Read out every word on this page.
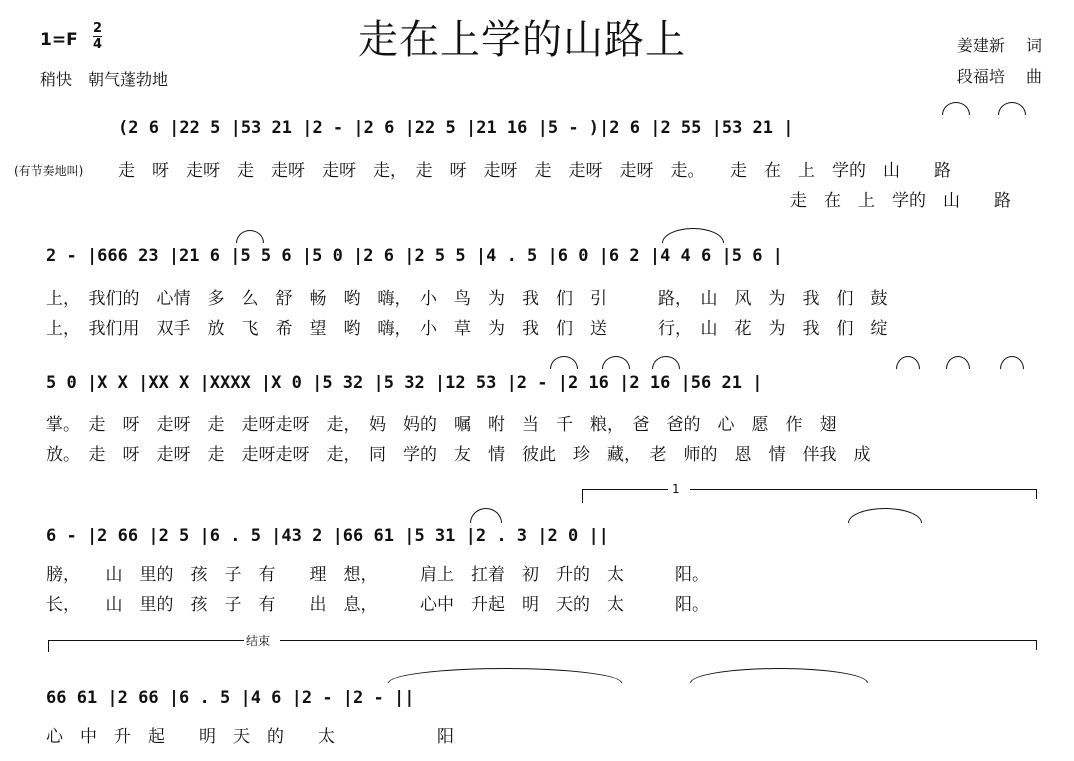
走在上学的山路上
1=F
2
4
稍快　朝气蓬勃地
姜建新 词
段福培 曲
(2 6 |22 5 |53 21 |2 - |2 6 |22 5 |21 16 |5 - )|2 6 |2 55 |53 21 |
(有节奏地叫) 走　呀　走呀　走　走呀　走呀　走，　走　呀　走呀　走　走呀　走呀　走。　　走　在　上　学的　山　　路
走　在　上　学的　山　　路
2 - |666 23 |21 6 |5 5 6 |5 0 |2 6 |2 5 5 |4 . 5 |6 0 |6 2 |4 4 6 |5 6 |
上，　我们的　心情　多　么　舒　畅　哟　嗨，　小　鸟　为　我　们　引　　　路，　山　风　为　我　们　鼓
上，　我们用　双手　放　飞　希　望　哟　嗨，　小　草　为　我　们　送　　　行，　山　花　为　我　们　绽
5 0 |X X |XX X |XXXX |X 0 |5 32 |5 32 |12 53 |2 - |2 16 |2 16 |56 21 |
掌。　走　呀　走呀　走　走呀走呀　走，　妈　妈的　嘱　咐　当　千　粮，　爸　爸的　心　愿　作　翅
放。　走　呀　走呀　走　走呀走呀　走，　同　学的　友　情　彼此　珍　藏，　老　师的　恩　情　伴我　成
1
6 - |2 66 |2 5 |6 . 5 |43 2 |66 61 |5 31 |2 . 3 |2 0 ||
膀，　　山　里的　孩　子　有　　理　想，　　　肩上　扛着　初　升的　太　　　阳。
长，　　山　里的　孩　子　有　　出　息，　　　心中　升起　明　天的　太　　　阳。
结束
66 61 |2 66 |6 . 5 |4 6 |2 - |2 - ||
心　中　升　起　　明　天　的　　太　　　　　　阳
